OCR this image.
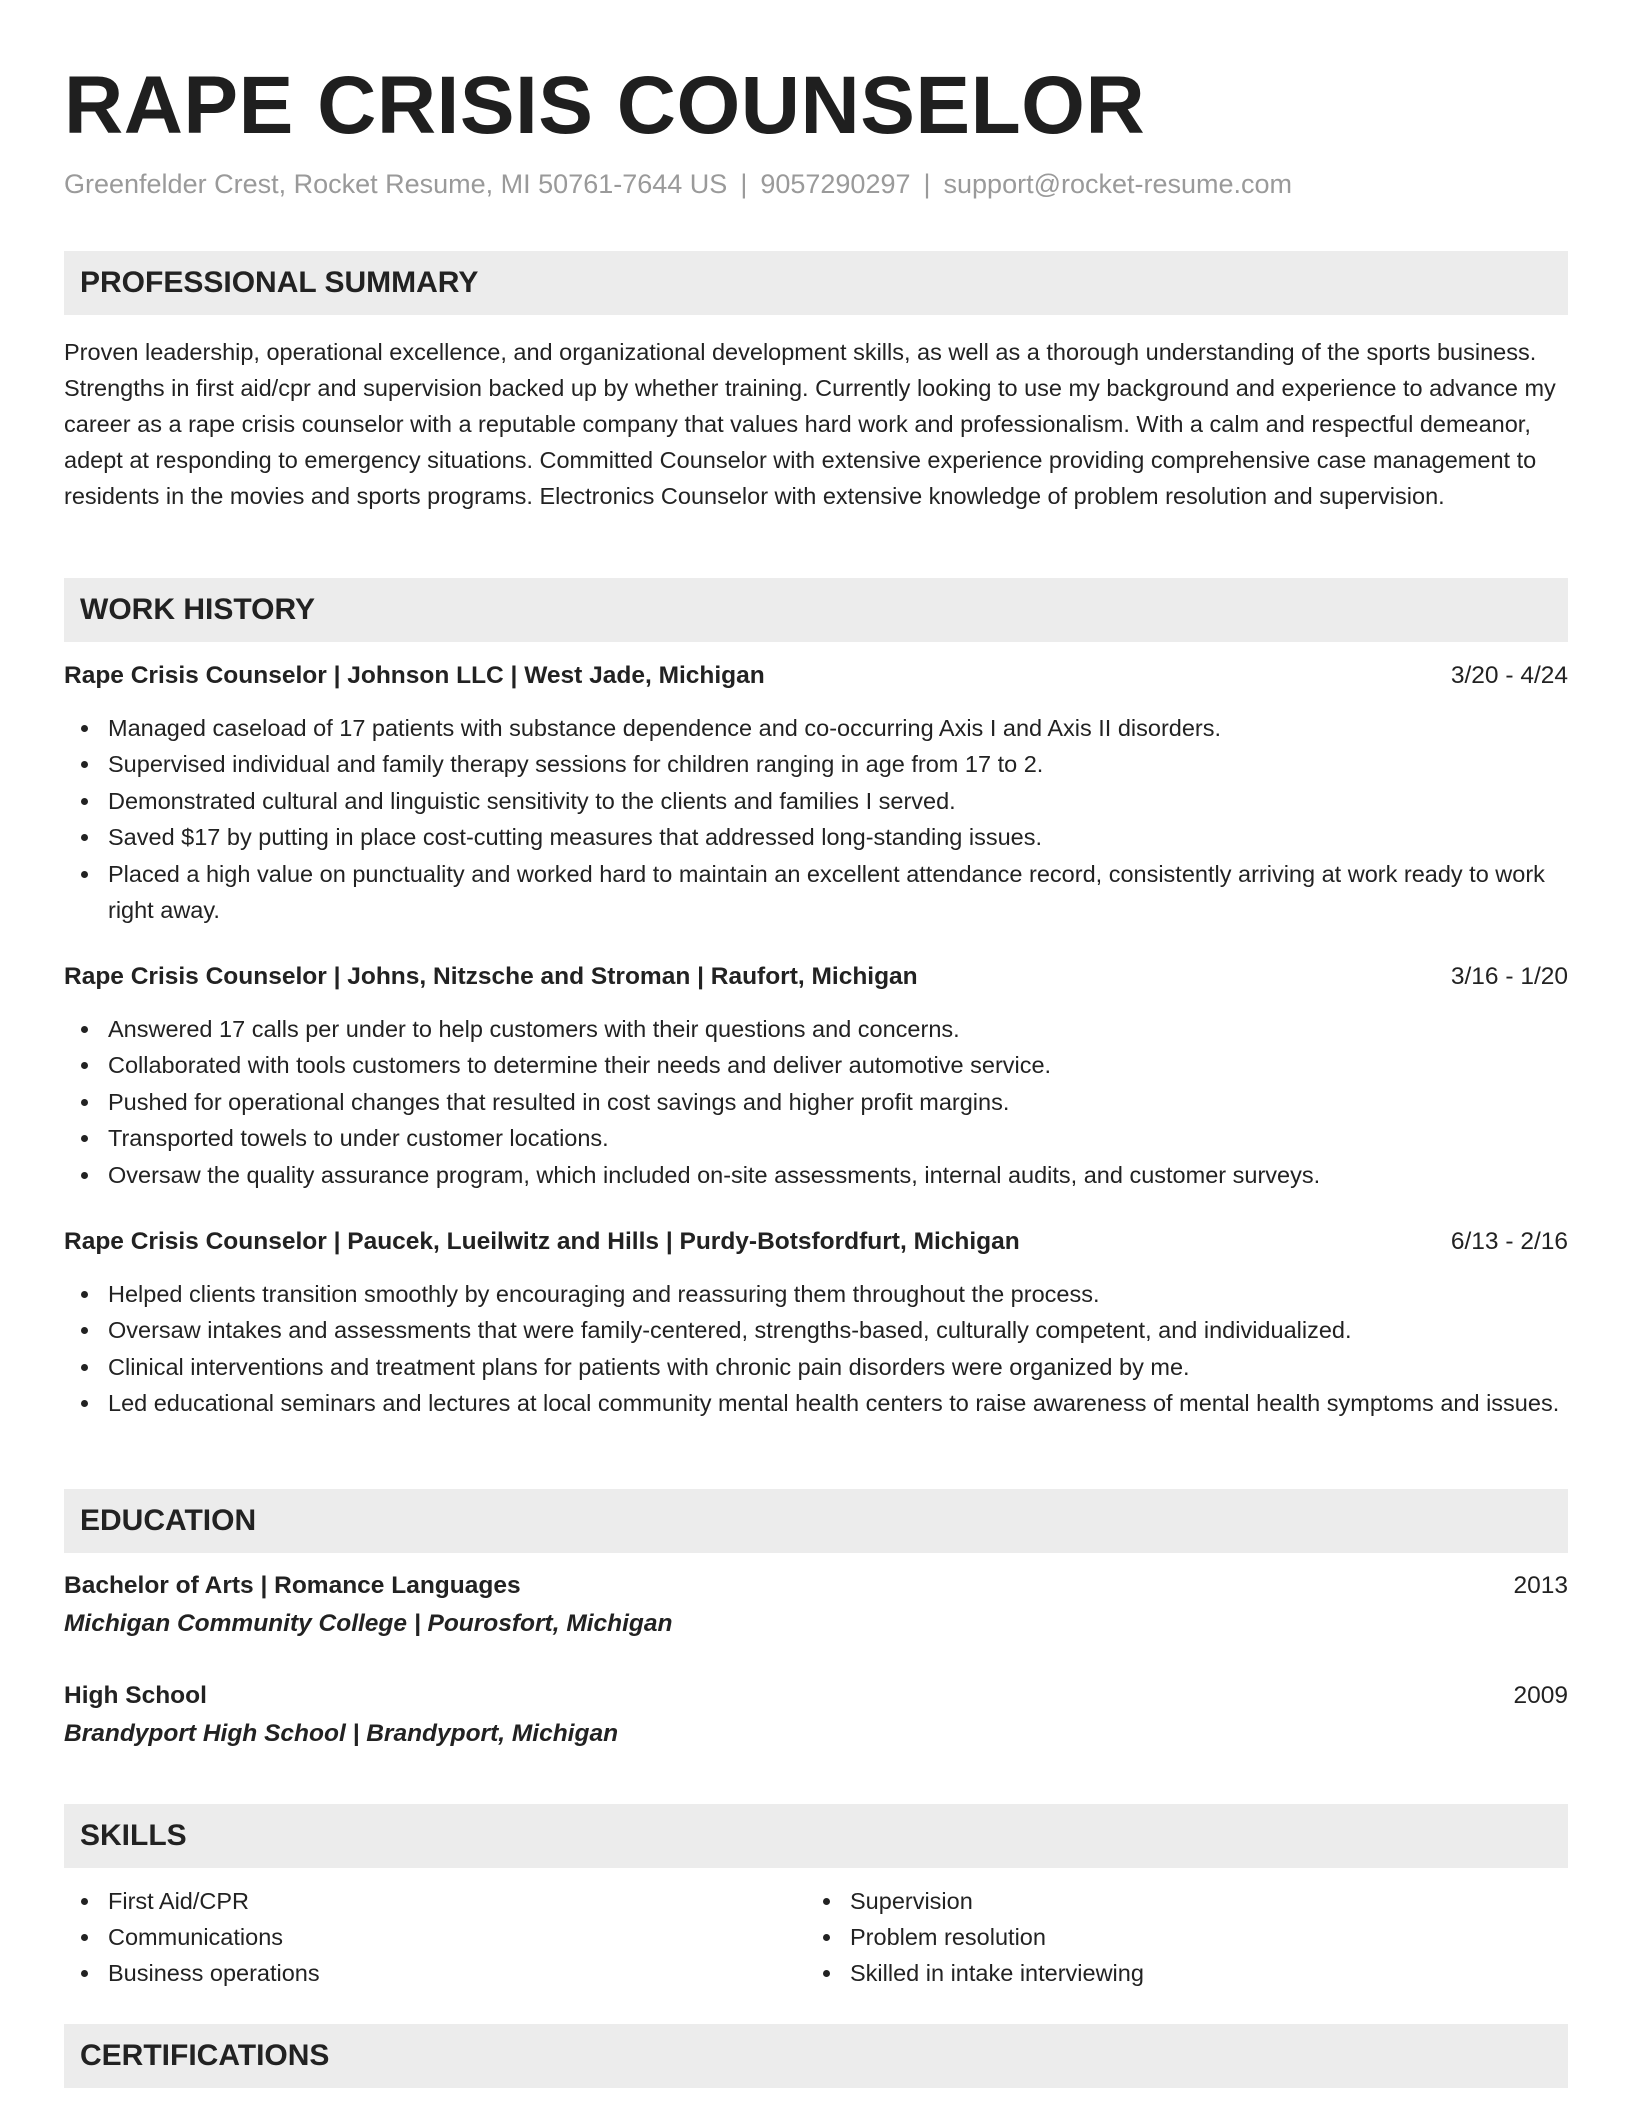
RAPE CRISIS COUNSELOR
Greenfelder Crest, Rocket Resume, MI 50761-7644 US | 9057290297 | support@rocket-resume.com
PROFESSIONAL SUMMARY
Proven leadership, operational excellence, and organizational development skills, as well as a thorough understanding of the sports business. Strengths in first aid/cpr and supervision backed up by whether training. Currently looking to use my background and experience to advance my career as a rape crisis counselor with a reputable company that values hard work and professionalism. With a calm and respectful demeanor, adept at responding to emergency situations. Committed Counselor with extensive experience providing comprehensive case management to residents in the movies and sports programs. Electronics Counselor with extensive knowledge of problem resolution and supervision.
WORK HISTORY
Rape Crisis Counselor | Johnson LLC | West Jade, Michigan	3/20 - 4/24
Managed caseload of 17 patients with substance dependence and co-occurring Axis I and Axis II disorders.
Supervised individual and family therapy sessions for children ranging in age from 17 to 2.
Demonstrated cultural and linguistic sensitivity to the clients and families I served.
Saved $17 by putting in place cost-cutting measures that addressed long-standing issues.
Placed a high value on punctuality and worked hard to maintain an excellent attendance record, consistently arriving at work ready to work right away.
Rape Crisis Counselor | Johns, Nitzsche and Stroman | Raufort, Michigan	3/16 - 1/20
Answered 17 calls per under to help customers with their questions and concerns.
Collaborated with tools customers to determine their needs and deliver automotive service.
Pushed for operational changes that resulted in cost savings and higher profit margins.
Transported towels to under customer locations.
Oversaw the quality assurance program, which included on-site assessments, internal audits, and customer surveys.
Rape Crisis Counselor | Paucek, Lueilwitz and Hills | Purdy-Botsfordfurt, Michigan	6/13 - 2/16
Helped clients transition smoothly by encouraging and reassuring them throughout the process.
Oversaw intakes and assessments that were family-centered, strengths-based, culturally competent, and individualized.
Clinical interventions and treatment plans for patients with chronic pain disorders were organized by me.
Led educational seminars and lectures at local community mental health centers to raise awareness of mental health symptoms and issues.
EDUCATION
Bachelor of Arts | Romance Languages	2013
Michigan Community College | Pourosfort, Michigan
High School	2009
Brandyport High School | Brandyport, Michigan
SKILLS
First Aid/CPR
Communications
Business operations
Supervision
Problem resolution
Skilled in intake interviewing
CERTIFICATIONS
